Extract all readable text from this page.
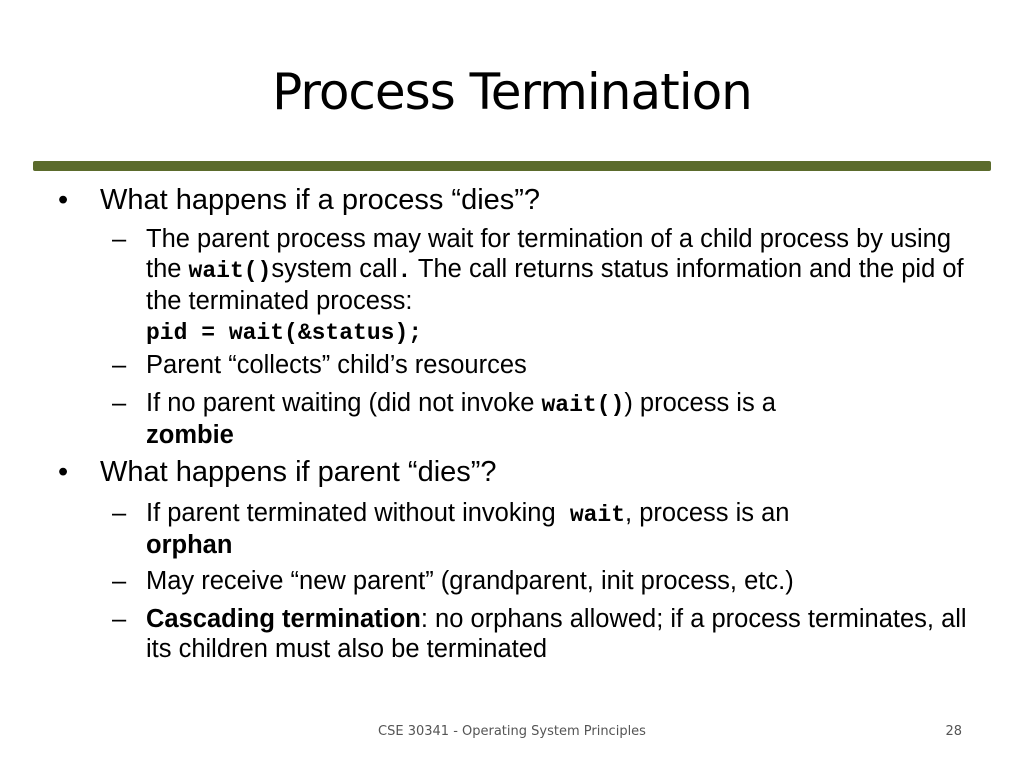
Process Termination
• What happens if a process “dies”?
– The parent process may wait for termination of a child process by using the wait()system call. The call returns status information and the pid of the terminated process:
pid = wait(&status);
– Parent “collects” child’s resources
– If no parent waiting (did not invoke wait()) process is a
zombie
• What happens if parent “dies”?
– If parent terminated without invoking  wait, process is an
orphan
– May receive “new parent” (grandparent, init process, etc.)
– Cascading termination: no orphans allowed; if a process terminates, all its children must also be terminated
CSE 30341 - Operating System Principles	28
